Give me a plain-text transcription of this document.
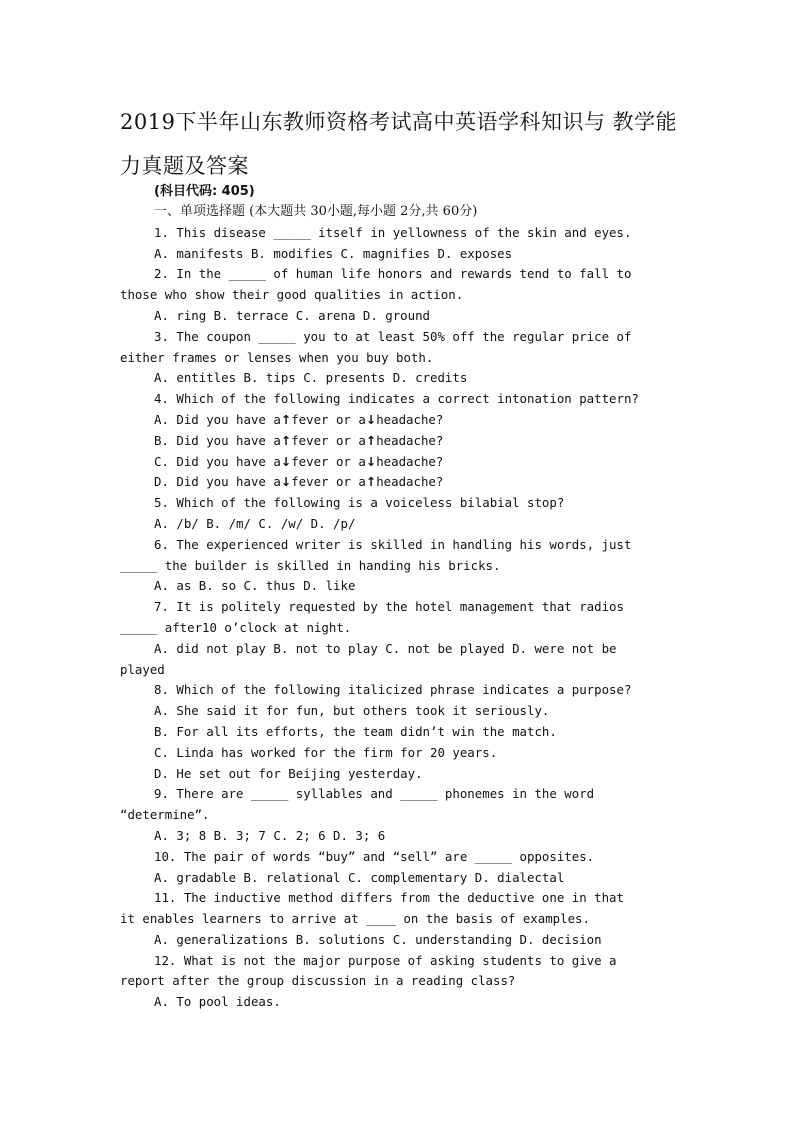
2019下半年山东教师资格考试高中英语学科知识与 教学能力真题及答案
(科目代码: 405)
一、单项选择题 (本大题共 30小题,每小题 2分,共 60分)
1. This disease _____ itself in yellowness of the skin and eyes.
A. manifests B. modifies C. magnifies D. exposes
2. In the _____ of human life honors and rewards tend to fall to
those who show their good qualities in action.
A. ring B. terrace C. arena D. ground
3. The coupon _____ you to at least 50% off the regular price of
either frames or lenses when you buy both.
A. entitles B. tips C. presents D. credits
4. Which of the following indicates a correct intonation pattern?
A. Did you have a↑fever or a↓headache?
B. Did you have a↑fever or a↑headache?
C. Did you have a↓fever or a↓headache?
D. Did you have a↓fever or a↑headache?
5. Which of the following is a voiceless bilabial stop?
A. /b/ B. /m/ C. /w/ D. /p/
6. The experienced writer is skilled in handling his words, just
_____ the builder is skilled in handing his bricks.
A. as B. so C. thus D. like
7. It is politely requested by the hotel management that radios
_____ after10 o’clock at night.
A. did not play B. not to play C. not be played D. were not be
played
8. Which of the following italicized phrase indicates a purpose?
A. She said it for fun, but others took it seriously.
B. For all its efforts, the team didn’t win the match.
C. Linda has worked for the firm for 20 years.
D. He set out for Beijing yesterday.
9. There are _____ syllables and _____ phonemes in the word
“determine”.
A. 3; 8 B. 3; 7 C. 2; 6 D. 3; 6
10. The pair of words “buy” and “sell” are _____ opposites.
A. gradable B. relational C. complementary D. dialectal
11. The inductive method differs from the deductive one in that
it enables learners to arrive at ____ on the basis of examples.
A. generalizations B. solutions C. understanding D. decision
12. What is not the major purpose of asking students to give a
report after the group discussion in a reading class?
A. To pool ideas.
